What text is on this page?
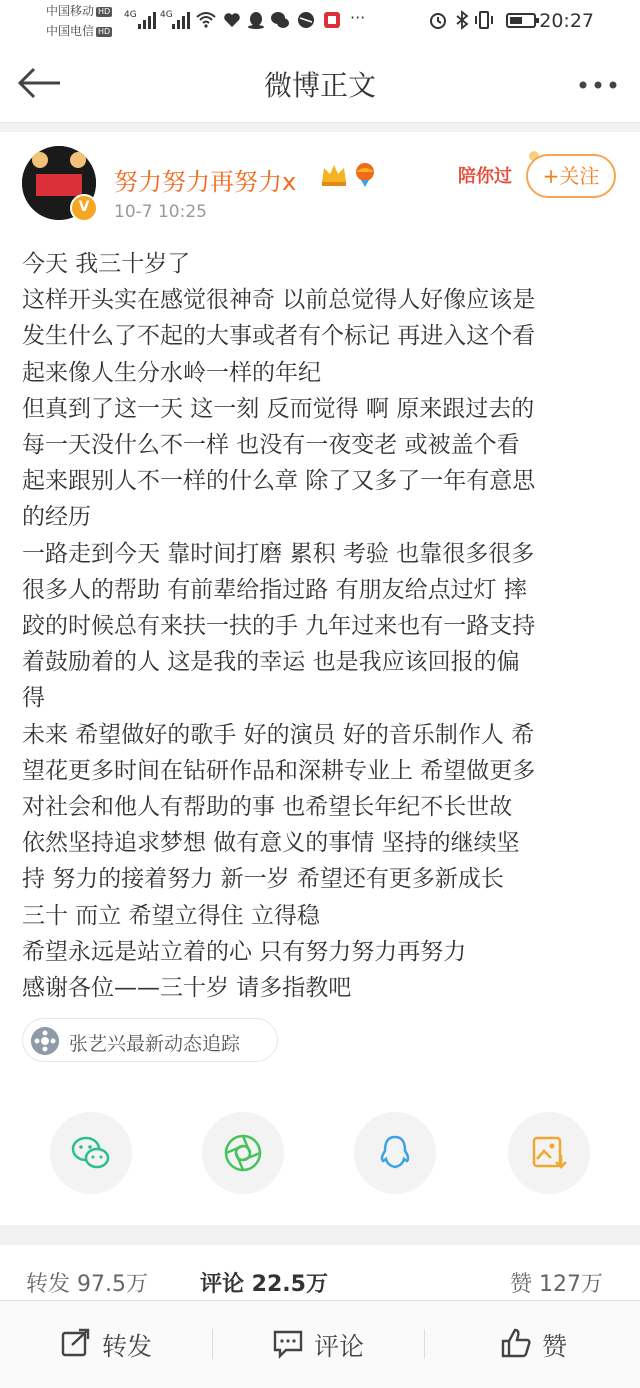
中国移动 HD
中国电信 HD
4G	4G	···	20:27
微博正文
V
努力努力再努力x
10-7 10:25
陪你过	+关注
今天 我三十岁了
这样开头实在感觉很神奇 以前总觉得人好像应该是
发生什么了不起的大事或者有个标记 再进入这个看
起来像人生分水岭一样的年纪
但真到了这一天 这一刻 反而觉得 啊 原来跟过去的
每一天没什么不一样 也没有一夜变老 或被盖个看
起来跟别人不一样的什么章 除了又多了一年有意思
的经历
一路走到今天 靠时间打磨 累积 考验 也靠很多很多
很多人的帮助 有前辈给指过路 有朋友给点过灯 摔
跤的时候总有来扶一扶的手 九年过来也有一路支持
着鼓励着的人 这是我的幸运 也是我应该回报的偏
得
未来 希望做好的歌手 好的演员 好的音乐制作人 希
望花更多时间在钻研作品和深耕专业上 希望做更多
对社会和他人有帮助的事 也希望长年纪不长世故
依然坚持追求梦想 做有意义的事情 坚持的继续坚
持 努力的接着努力 新一岁 希望还有更多新成长
三十 而立 希望立得住 立得稳
希望永远是站立着的心 只有努力努力再努力
感谢各位——三十岁 请多指教吧
张艺兴最新动态追踪
转发 97.5万 评论 22.5万	赞 127万
转发	评论	赞
